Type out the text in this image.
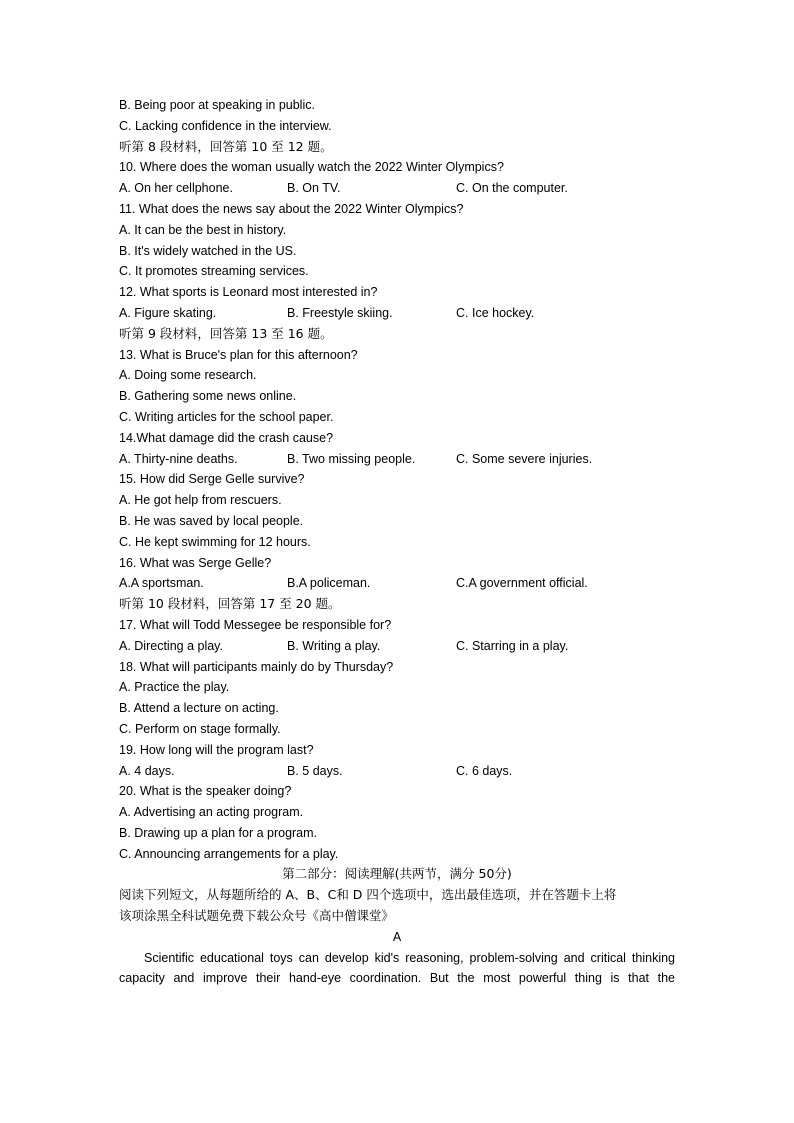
B. Being poor at speaking in public.
C. Lacking confidence in the interview.
听第 8 段材料，回答第 10 至 12 题。
10. Where does the woman usually watch the 2022 Winter Olympics?
A. On her cellphone.	B. On TV.	C. On the computer.
11. What does the news say about the 2022 Winter Olympics?
A. It can be the best in history.
B. It's widely watched in the US.
C. It promotes streaming services.
12. What sports is Leonard most interested in?
A. Figure skating.	B. Freestyle skiing.	C. Ice hockey.
听第 9 段材料，回答第 13 至 16 题。
13. What is Bruce's plan for this afternoon?
A. Doing some research.
B. Gathering some news online.
C. Writing articles for the school paper.
14.What damage did the crash cause?
A. Thirty-nine deaths.	B. Two missing people.	C. Some severe injuries.
15. How did Serge Gelle survive?
A. He got help from rescuers.
B. He was saved by local people.
C. He kept swimming for 12 hours.
16. What was Serge Gelle?
A.A sportsman.	B.A policeman.	C.A government official.
听第 10 段材料，回答第 17 至 20 题。
17. What will Todd Messegee be responsible for?
A. Directing a play.	B. Writing a play.	C. Starring in a play.
18. What will participants mainly do by Thursday?
A. Practice the play.
B. Attend a lecture on acting.
C. Perform on stage formally.
19. How long will the program last?
A. 4 days.	B. 5 days.	C. 6 days.
20. What is the speaker doing?
A. Advertising an acting program.
B. Drawing up a plan for a program.
C. Announcing arrangements for a play.
第二部分：阅读理解(共两节，满分 50分)
阅读下列短文，从每题所给的 A、B、C和 D 四个选项中，选出最佳选项，并在答题卡上将
该项涂黑全科试题免费下载公众号《高中僧课堂》
A
Scientific educational toys can develop kid's reasoning, problem-solving and critical thinking
capacity and improve their hand-eye coordination. But the most powerful thing is that the
